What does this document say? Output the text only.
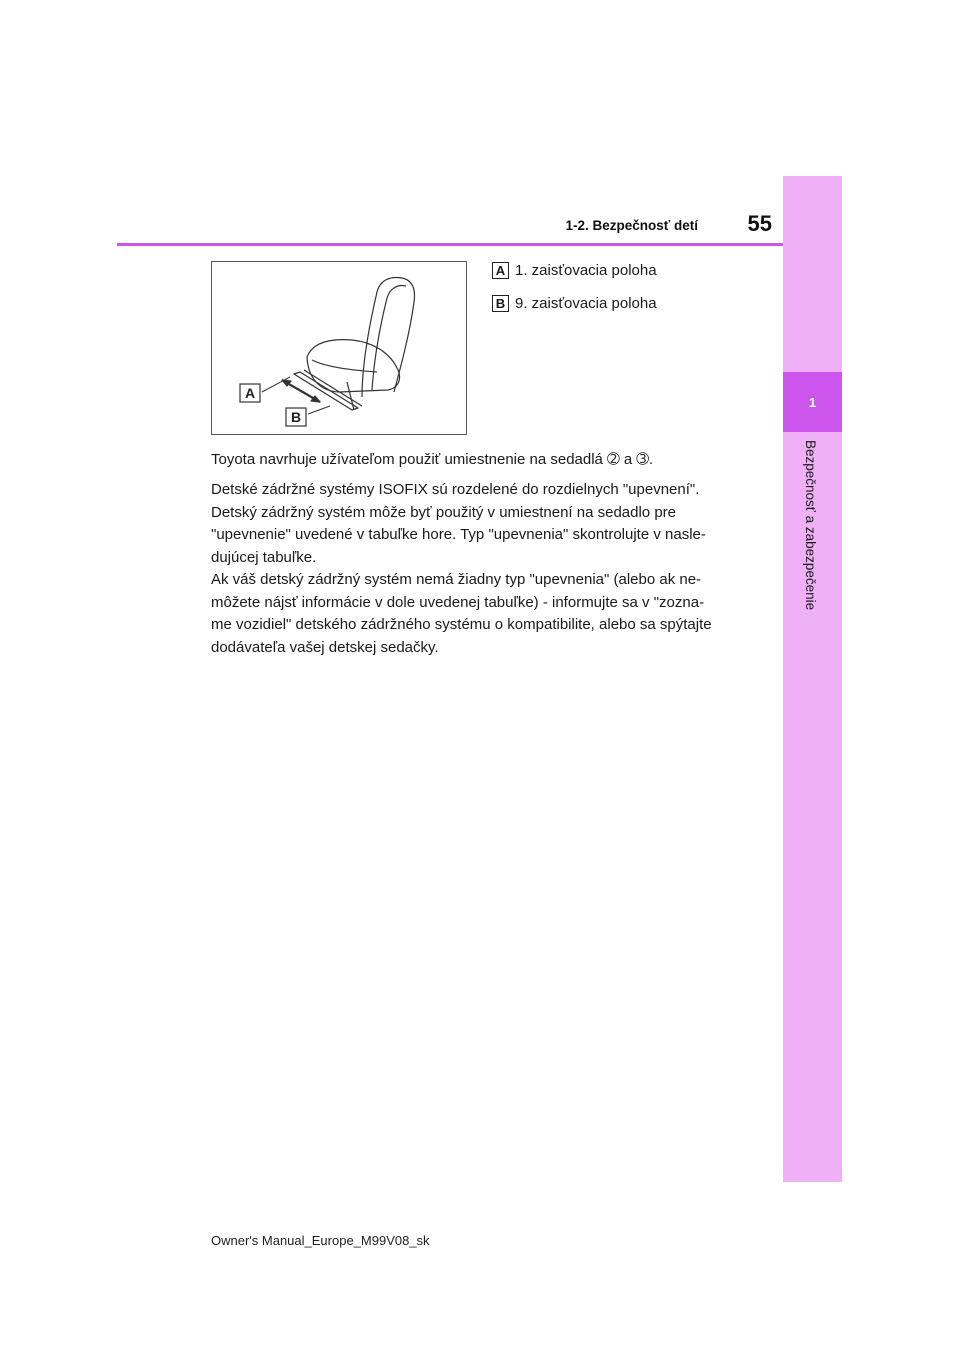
1
Bezpečnosť a zabezpečenie
1-2. Bezpečnosť detí	55
A
B
A 1. zaisťovacia poloha
B 9. zaisťovacia poloha
Toyota navrhuje užívateľom použiť umiestnenie na sedadlá ➁ a ➂.
Detské zádržné systémy ISOFIX sú rozdelené do rozdielnych "upevnení".
Detský zádržný systém môže byť použitý v umiestnení na sedadlo pre
"upevnenie" uvedené v tabuľke hore. Typ "upevnenia" skontrolujte v nasle-
dujúcej tabuľke.
Ak váš detský zádržný systém nemá žiadny typ "upevnenia" (alebo ak ne-
môžete nájsť informácie v dole uvedenej tabuľke) - informujte sa v "zozna-
me vozidiel" detského zádržného systému o kompatibilite, alebo sa spýtajte
dodávateľa vašej detskej sedačky.
Owner's Manual_Europe_M99V08_sk
